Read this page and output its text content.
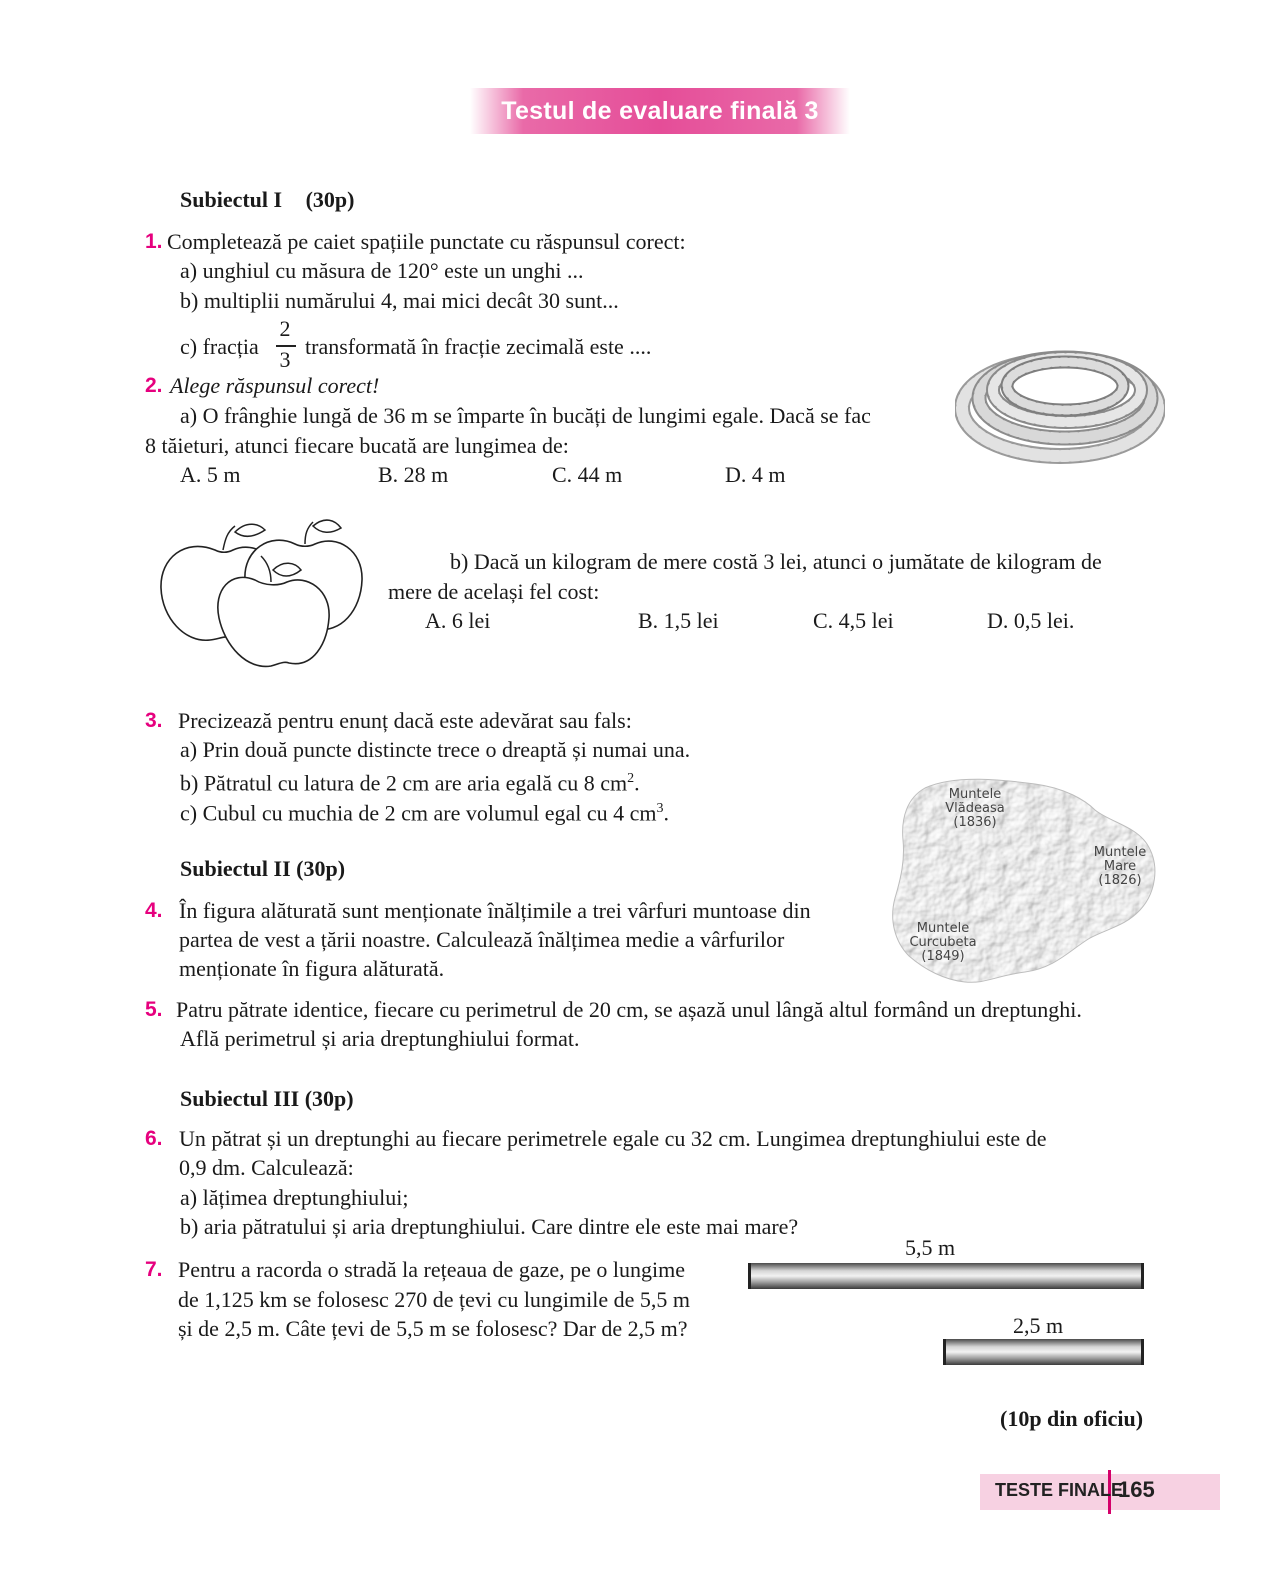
Testul de evaluare finală 3
Subiectul I (30p)
1. Completează pe caiet spațiile punctate cu răspunsul corect:
a) unghiul cu măsura de 120° este un unghi ...
b) multiplii numărului 4, mai mici decât 30 sunt...
c) fracția
2
3
transformată în fracție zecimală este ....
2. Alege răspunsul corect!
a) O frânghie lungă de 36 m se împarte în bucăți de lungimi egale. Dacă se fac
8 tăieturi, atunci fiecare bucată are lungimea de:
A. 5 m	B. 28 m	C. 44 m	D. 4 m
b) Dacă un kilogram de mere costă 3 lei, atunci o jumătate de kilogram de
mere de același fel cost:
A. 6 lei	B. 1,5 lei	C. 4,5 lei	D. 0,5 lei.
3. Precizează pentru enunț dacă este adevărat sau fals:
a) Prin două puncte distincte trece o dreaptă și numai una.
b) Pătratul cu latura de 2 cm are aria egală cu 8 $cm^2$.
c) Cubul cu muchia de 2 cm are volumul egal cu 4 $cm^3$.
Muntele
Vlădeasa
(1836)
Muntele
Mare
(1826)
Muntele
Curcubeta
(1849)
Subiectul II (30p)
4. În figura alăturată sunt menționate înălțimile a trei vârfuri muntoase din
partea de vest a țării noastre. Calculează înălțimea medie a vârfurilor
menționate în figura alăturată.
5. Patru pătrate identice, fiecare cu perimetrul de 20 cm, se așază unul lângă altul formând un dreptunghi.
Află perimetrul și aria dreptunghiului format.
Subiectul III (30p)
6. Un pătrat și un dreptunghi au fiecare perimetrele egale cu 32 cm. Lungimea dreptunghiului este de
0,9 dm. Calculează:
a) lățimea dreptunghiului;
b) aria pătratului și aria dreptunghiului. Care dintre ele este mai mare?
7. Pentru a racorda o stradă la rețeaua de gaze, pe o lungime
de 1,125 km se folosesc 270 de țevi cu lungimile de 5,5 m
și de 2,5 m. Câte țevi de 5,5 m se folosesc? Dar de 2,5 m?
5,5 m
2,5 m
(10p din oficiu)
TESTE FINALE
165
